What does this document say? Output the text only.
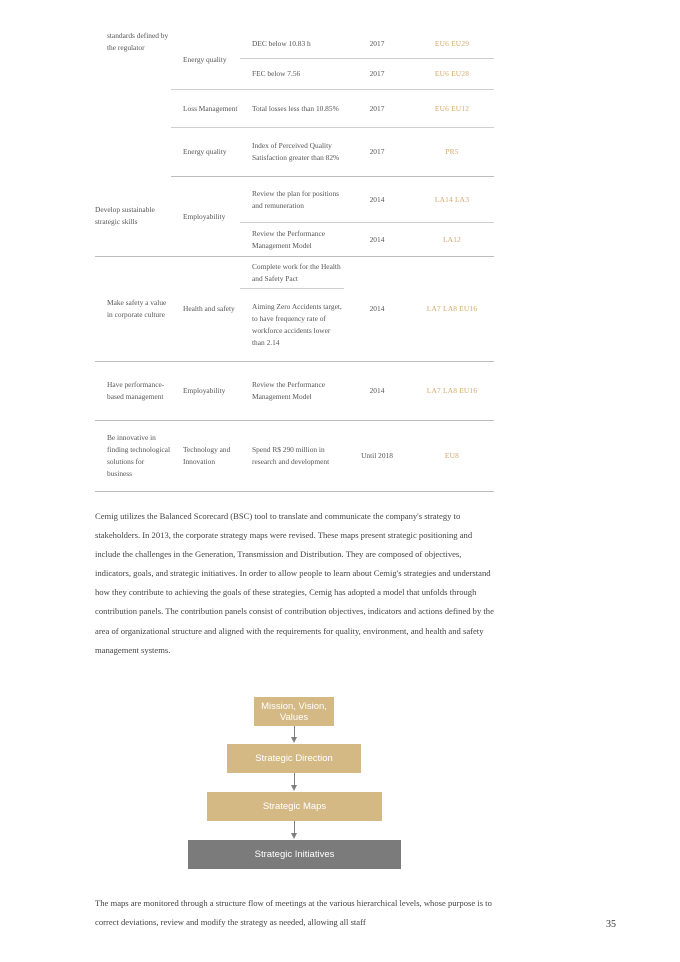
standards defined by the regulator	Energy quality	DEC below 10.83 h	2017	EU6 EU29
		FEC below 7.56	2017	EU6 EU28
	Loss Management	Total losses less than 10.85%	2017	EU6 EU12
	Energy quality	Index of Perceived Quality Satisfaction greater than 82%	2017	PR5
Develop sustainable strategic skills	Employability	Review the plan for positions and remuneration	2014	LA14 LA3
		Review the Performance Management Model	2014	LA12
Make safety a value in corporate culture	Health and safety	Complete work for the Health and Safety Pact	2014	LA7 LA8 EU16
		Aiming Zero Accidents target, to have frequency rate of workforce accidents lower than 2.14		
Have performance-based management	Employability	Review the Performance Management Model	2014	LA7 LA8 EU16
Be innovative in finding technological solutions for business	Technology and Innovation	Spend R$ 290 million in research and development	Until 2018	EU8

Cemig utilizes the Balanced Scorecard (BSC) tool to translate and communicate the company's strategy to stakeholders. In 2013, the corporate strategy maps were revised. These maps present strategic positioning and include the challenges in the Generation, Transmission and Distribution. They are composed of objectives, indicators, goals, and strategic initiatives. In order to allow people to learn about Cemig's strategies and understand how they contribute to achieving the goals of these strategies, Cemig has adopted a model that unfolds through contribution panels. The contribution panels consist of contribution objectives, indicators and actions defined by the area of organizational structure and aligned with the requirements for quality, environment, and health and safety management systems.

Mission, Vision, Values
Strategic Direction
Strategic Maps
Strategic Initiatives

The maps are monitored through a structure flow of meetings at the various hierarchical levels, whose purpose is to correct deviations, review and modify the strategy as needed, allowing all staff	35
